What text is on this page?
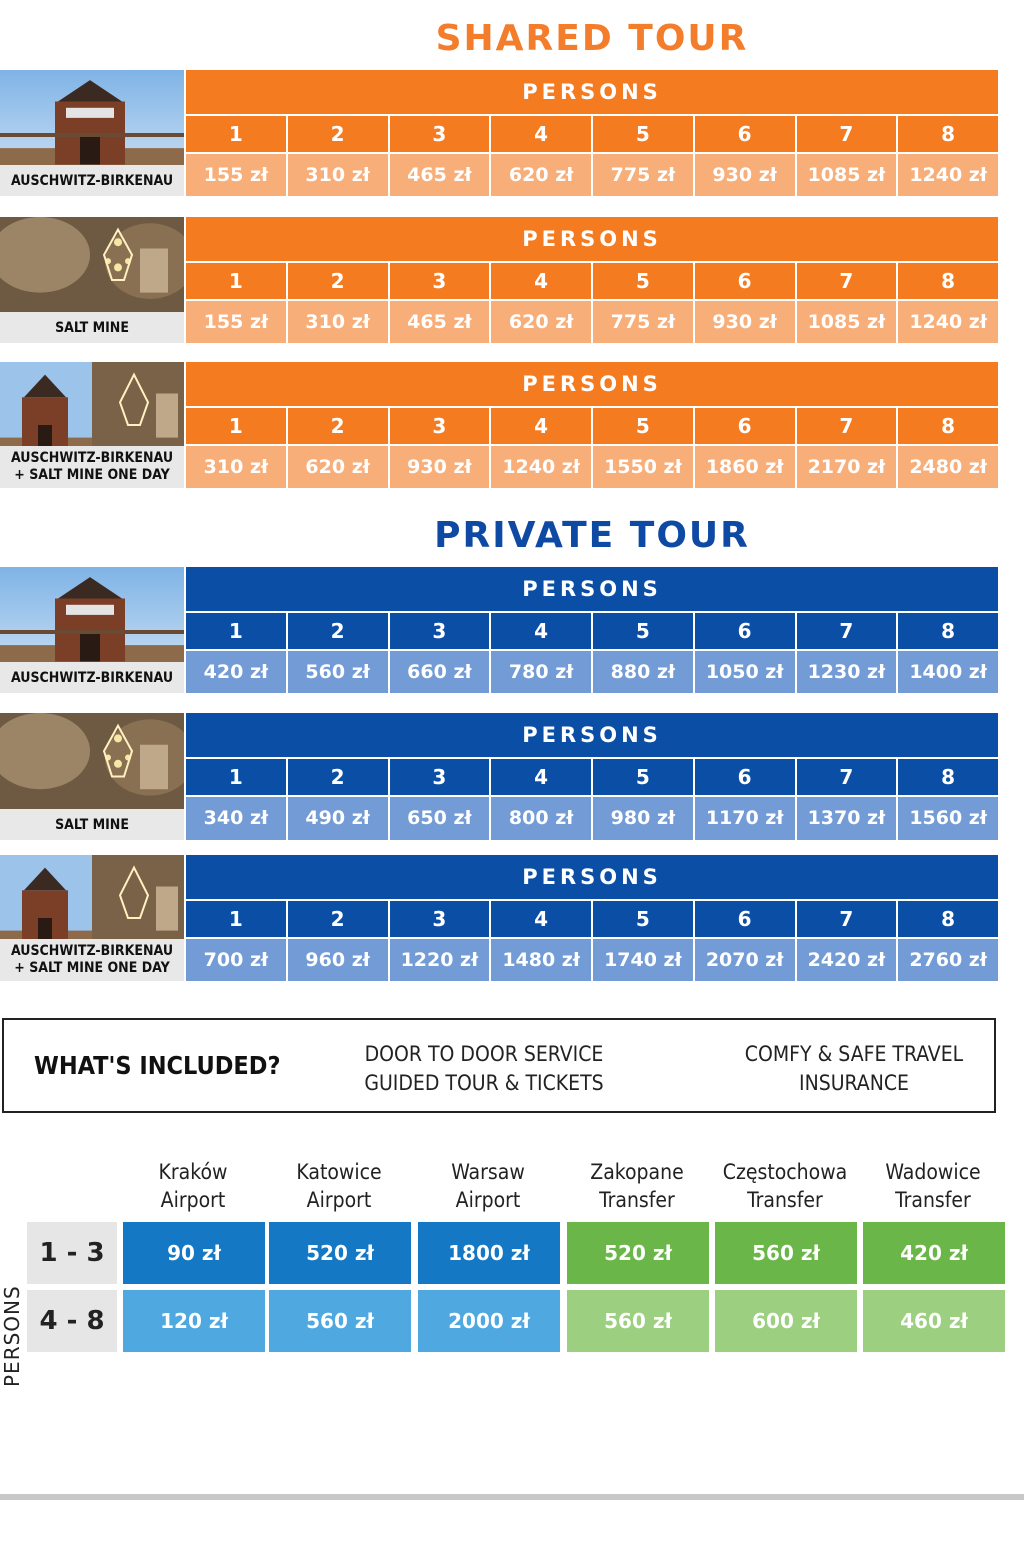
SHARED TOUR
AUSCHWITZ-BIRKENAU
PERSONS
1	2	3	4	5	6	7	8
155 zł	310 zł	465 zł	620 zł	775 zł	930 zł	1085 zł	1240 zł
SALT MINE
PERSONS
1	2	3	4	5	6	7	8
155 zł	310 zł	465 zł	620 zł	775 zł	930 zł	1085 zł	1240 zł
AUSCHWITZ-BIRKENAU
+ SALT MINE ONE DAY
PERSONS
1	2	3	4	5	6	7	8
310 zł	620 zł	930 zł	1240 zł	1550 zł	1860 zł	2170 zł	2480 zł
PRIVATE TOUR
AUSCHWITZ-BIRKENAU
PERSONS
1	2	3	4	5	6	7	8
420 zł	560 zł	660 zł	780 zł	880 zł	1050 zł	1230 zł	1400 zł
SALT MINE
PERSONS
1	2	3	4	5	6	7	8
340 zł	490 zł	650 zł	800 zł	980 zł	1170 zł	1370 zł	1560 zł
AUSCHWITZ-BIRKENAU
+ SALT MINE ONE DAY
PERSONS
1	2	3	4	5	6	7	8
700 zł	960 zł	1220 zł	1480 zł	1740 zł	2070 zł	2420 zł	2760 zł
WHAT'S INCLUDED?	DOOR TO DOOR SERVICE
GUIDED TOUR & TICKETS
COMFY & SAFE TRAVEL
INSURANCE
PERSONS
Kraków
Airport
Katowice
Airport
Warsaw
Airport
Zakopane
Transfer
Częstochowa
Transfer
Wadowice
Transfer
1 - 3	90 zł	520 zł	1800 zł	520 zł	560 zł	420 zł
4 - 8	120 zł	560 zł	2000 zł	560 zł	600 zł	460 zł
